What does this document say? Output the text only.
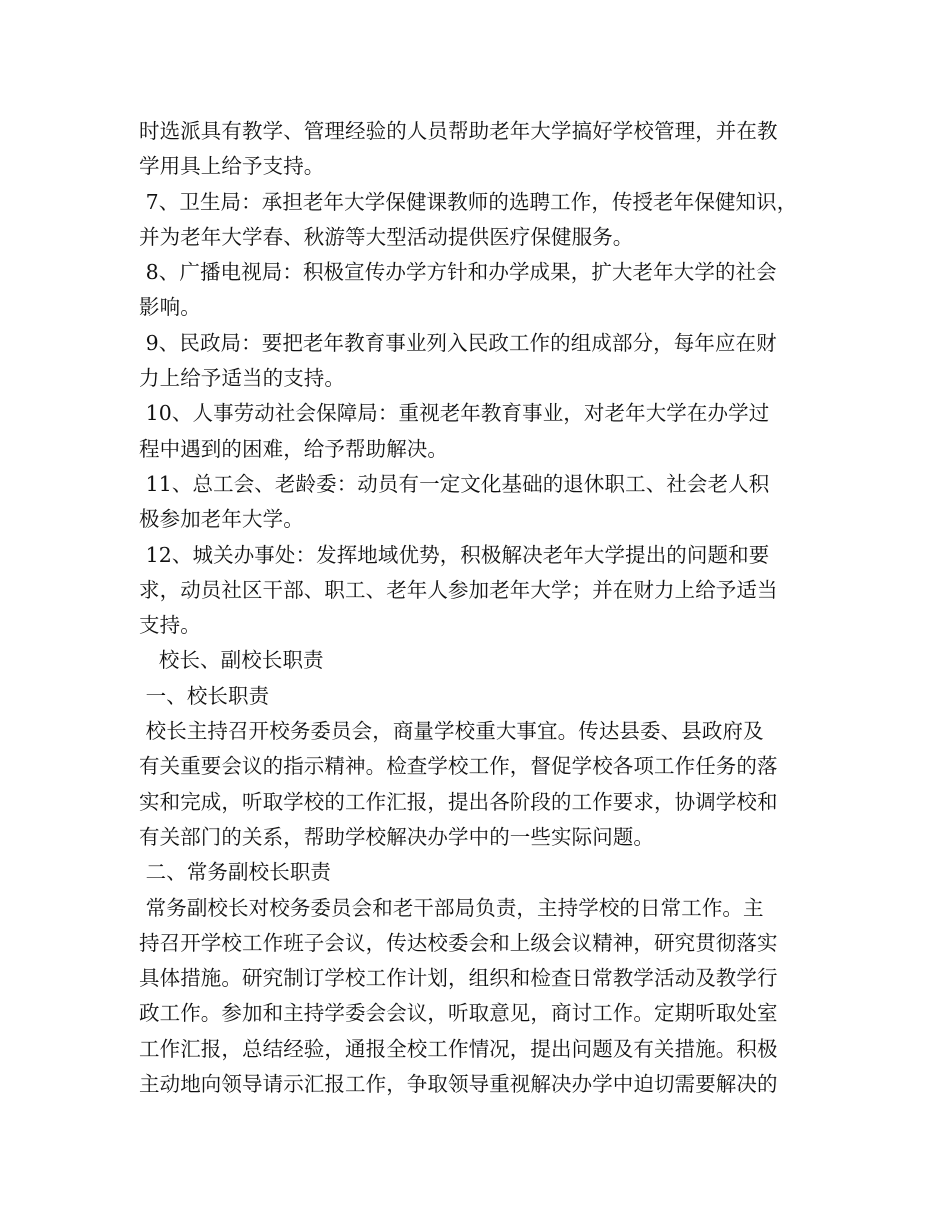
时选派具有教学、管理经验的人员帮助老年大学搞好学校管理，并在教
学用具上给予支持。
7、卫生局：承担老年大学保健课教师的选聘工作，传授老年保健知识，
并为老年大学春、秋游等大型活动提供医疗保健服务。
8、广播电视局：积极宣传办学方针和办学成果，扩大老年大学的社会
影响。
9、民政局：要把老年教育事业列入民政工作的组成部分，每年应在财
力上给予适当的支持。
10、人事劳动社会保障局：重视老年教育事业，对老年大学在办学过
程中遇到的困难，给予帮助解决。
11、总工会、老龄委：动员有一定文化基础的退休职工、社会老人积
极参加老年大学。
12、城关办事处：发挥地域优势，积极解决老年大学提出的问题和要
求，动员社区干部、职工、老年人参加老年大学；并在财力上给予适当
支持。
校长、副校长职责
一、校长职责
校长主持召开校务委员会，商量学校重大事宜。传达县委、县政府及
有关重要会议的指示精神。检查学校工作，督促学校各项工作任务的落
实和完成，听取学校的工作汇报，提出各阶段的工作要求，协调学校和
有关部门的关系，帮助学校解决办学中的一些实际问题。
二、常务副校长职责
常务副校长对校务委员会和老干部局负责，主持学校的日常工作。主
持召开学校工作班子会议，传达校委会和上级会议精神，研究贯彻落实
具体措施。研究制订学校工作计划，组织和检查日常教学活动及教学行
政工作。参加和主持学委会会议，听取意见，商讨工作。定期听取处室
工作汇报，总结经验，通报全校工作情况，提出问题及有关措施。积极
主动地向领导请示汇报工作，争取领导重视解决办学中迫切需要解决的
